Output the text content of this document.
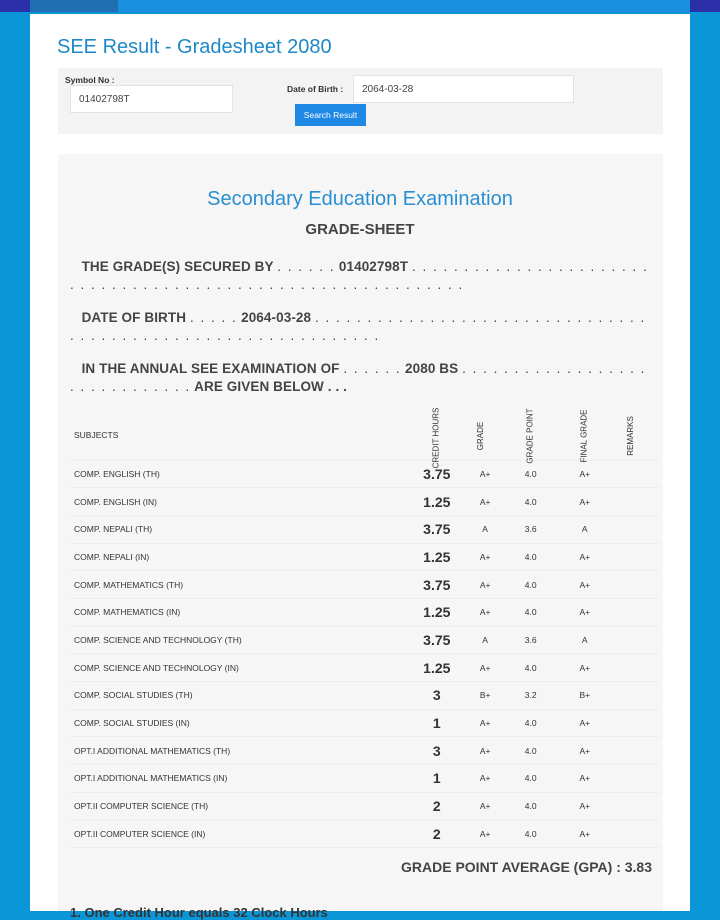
SEE Result - Gradesheet 2080
Symbol No :
01402798T
Date of Birth :	2064-03-28
Search Result
Secondary Education Examination
GRADE-SHEET
THE GRADE(S) SECURED BY . . . . . . 01402798T . . . . . . . . . . . . . . . . . . . . . . . . . . . . . . . . . . . . . . . . . . . . . . . . . . . . . . . . . . . . .
DATE OF BIRTH . . . . . 2064-03-28 . . . . . . . . . . . . . . . . . . . . . . . . . . . . . . . . . . . . . . . . . . . . . . . . . . . . . . . . . . . . . .
IN THE ANNUAL SEE EXAMINATION OF . . . . . . 2080 BS . . . . . . . . . . . . . . . . . . . . . . . . . . . . . . ARE GIVEN BELOW . . .
SUBJECTS	CREDIT HOURS	GRADE	GRADE POINT	FINAL GRADE	REMARKS
COMP. ENGLISH (TH)	3.75	A+	4.0	A+	
COMP. ENGLISH (IN)	1.25	A+	4.0	A+	
COMP. NEPALI (TH)	3.75	A	3.6	A	
COMP. NEPALI (IN)	1.25	A+	4.0	A+	
COMP. MATHEMATICS (TH)	3.75	A+	4.0	A+	
COMP. MATHEMATICS (IN)	1.25	A+	4.0	A+	
COMP. SCIENCE AND TECHNOLOGY (TH)	3.75	A	3.6	A	
COMP. SCIENCE AND TECHNOLOGY (IN)	1.25	A+	4.0	A+	
COMP. SOCIAL STUDIES (TH)	3	B+	3.2	B+	
COMP. SOCIAL STUDIES (IN)	1	A+	4.0	A+	
OPT.I ADDITIONAL MATHEMATICS (TH)	3	A+	4.0	A+	
OPT.I ADDITIONAL MATHEMATICS (IN)	1	A+	4.0	A+	
OPT.II COMPUTER SCIENCE (TH)	2	A+	4.0	A+	
OPT.II COMPUTER SCIENCE (IN)	2	A+	4.0	A+	
GRADE POINT AVERAGE (GPA) : 3.83
1. One Credit Hour equals 32 Clock Hours
